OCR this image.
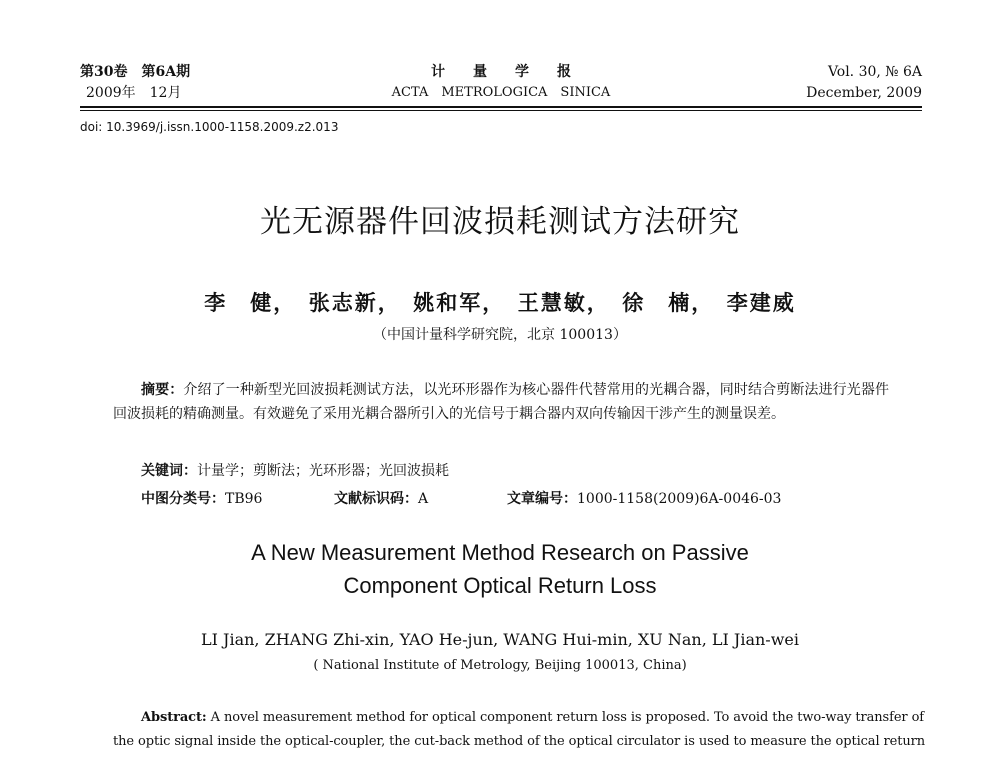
第30卷　第6A期
2009年　12月
计　　量　　学　　报
ACTA　METROLOGICA　SINICA
Vol. 30, № 6A
December, 2009
doi: 10.3969/j.issn.1000-1158.2009.z2.013
光无源器件回波损耗测试方法研究
李　健，　张志新，　姚和军，　王慧敏，　徐　楠，　李建威
（中国计量科学研究院，北京 100013）
摘要：介绍了一种新型光回波损耗测试方法，以光环形器作为核心器件代替常用的光耦合器，同时结合剪断法进行光器件回波损耗的精确测量。有效避免了采用光耦合器所引入的光信号于耦合器内双向传输因干涉产生的测量误差。
关键词：计量学；剪断法；光环形器；光回波损耗
中图分类号：TB96	文献标识码：A	文章编号：1000-1158(2009)6A-0046-03
A New Measurement Method Research on Passive
Component Optical Return Loss
LI Jian, ZHANG Zhi-xin, YAO He-jun, WANG Hui-min, XU Nan, LI Jian-wei
( National Institute of Metrology, Beijing 100013, China)
Abstract: A novel measurement method for optical component return loss is proposed. To avoid the two-way transfer of
the optic signal inside the optical-coupler, the cut-back method of the optical circulator is used to measure the optical return
